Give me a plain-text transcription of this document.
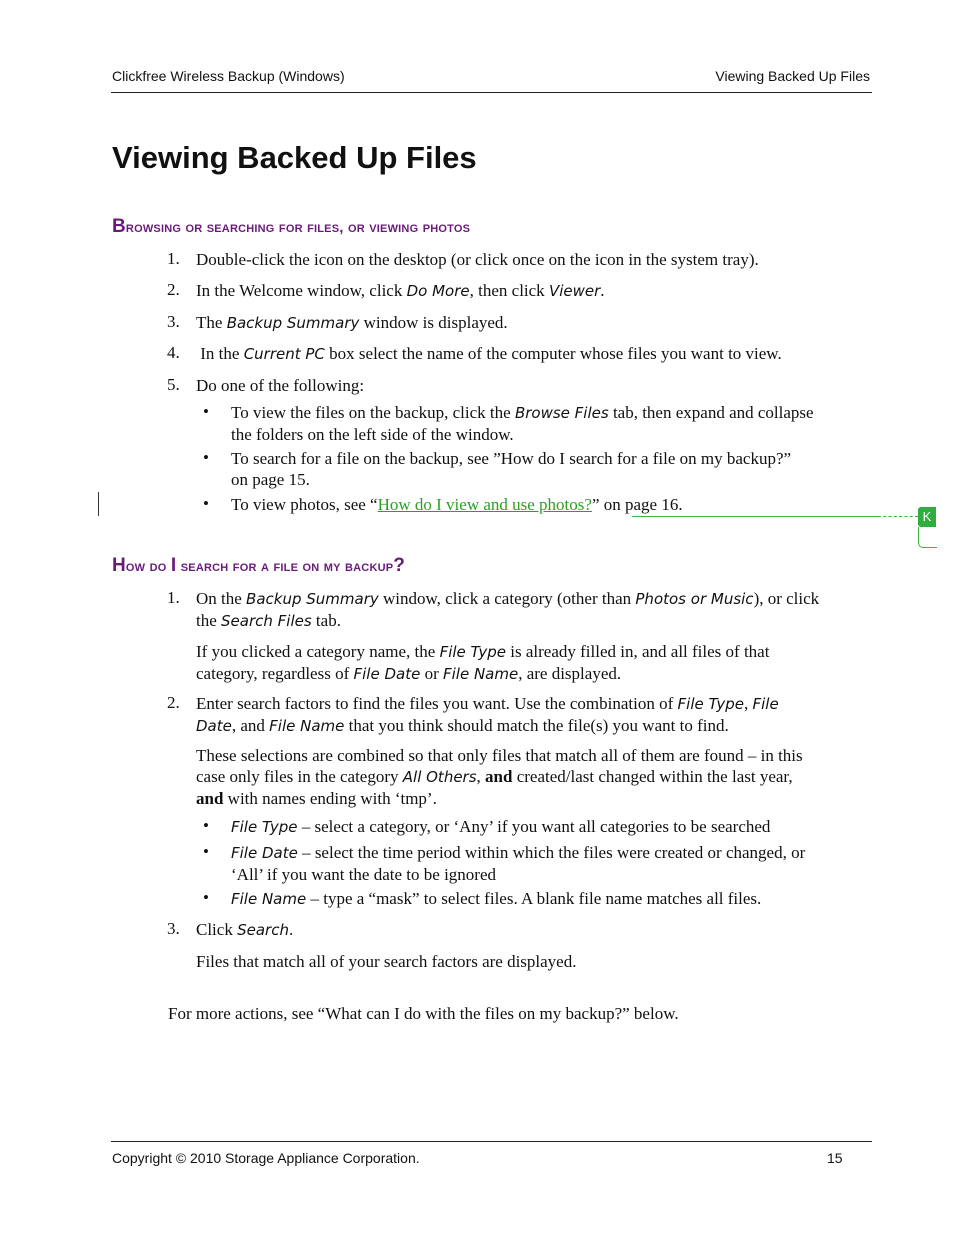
Clickfree Wireless Backup (Windows)	Viewing Backed Up Files
Viewing Backed Up Files
Browsing or searching for files, or viewing photos
1. Double-click the icon on the desktop (or click once on the icon in the system tray).
2. In the Welcome window, click Do More, then click Viewer.
3. The Backup Summary window is displayed.
4. In the Current PC box select the name of the computer whose files you want to view.
5. Do one of the following:
• To view the files on the backup, click the Browse Files tab, then expand and collapse
the folders on the left side of the window.
• To search for a file on the backup, see ”How do I search for a file on my backup?”
on page 15.
• To view photos, see “How do I view and use photos?” on page 16.
K
How do I search for a file on my backup?
1. On the Backup Summary window, click a category (other than Photos or Music), or click
the Search Files tab.
If you clicked a category name, the File Type is already filled in, and all files of that
category, regardless of File Date or File Name, are displayed.
2. Enter search factors to find the files you want. Use the combination of File Type, File
Date, and File Name that you think should match the file(s) you want to find.
These selections are combined so that only files that match all of them are found – in this
case only files in the category All Others, and created/last changed within the last year,
and with names ending with ‘tmp’.
• File Type – select a category, or ‘Any’ if you want all categories to be searched
• File Date – select the time period within which the files were created or changed, or
‘All’ if you want the date to be ignored
• File Name – type a “mask” to select files. A blank file name matches all files.
3. Click Search.
Files that match all of your search factors are displayed.
For more actions, see “What can I do with the files on my backup?” below.
Copyright © 2010 Storage Appliance Corporation.	15
